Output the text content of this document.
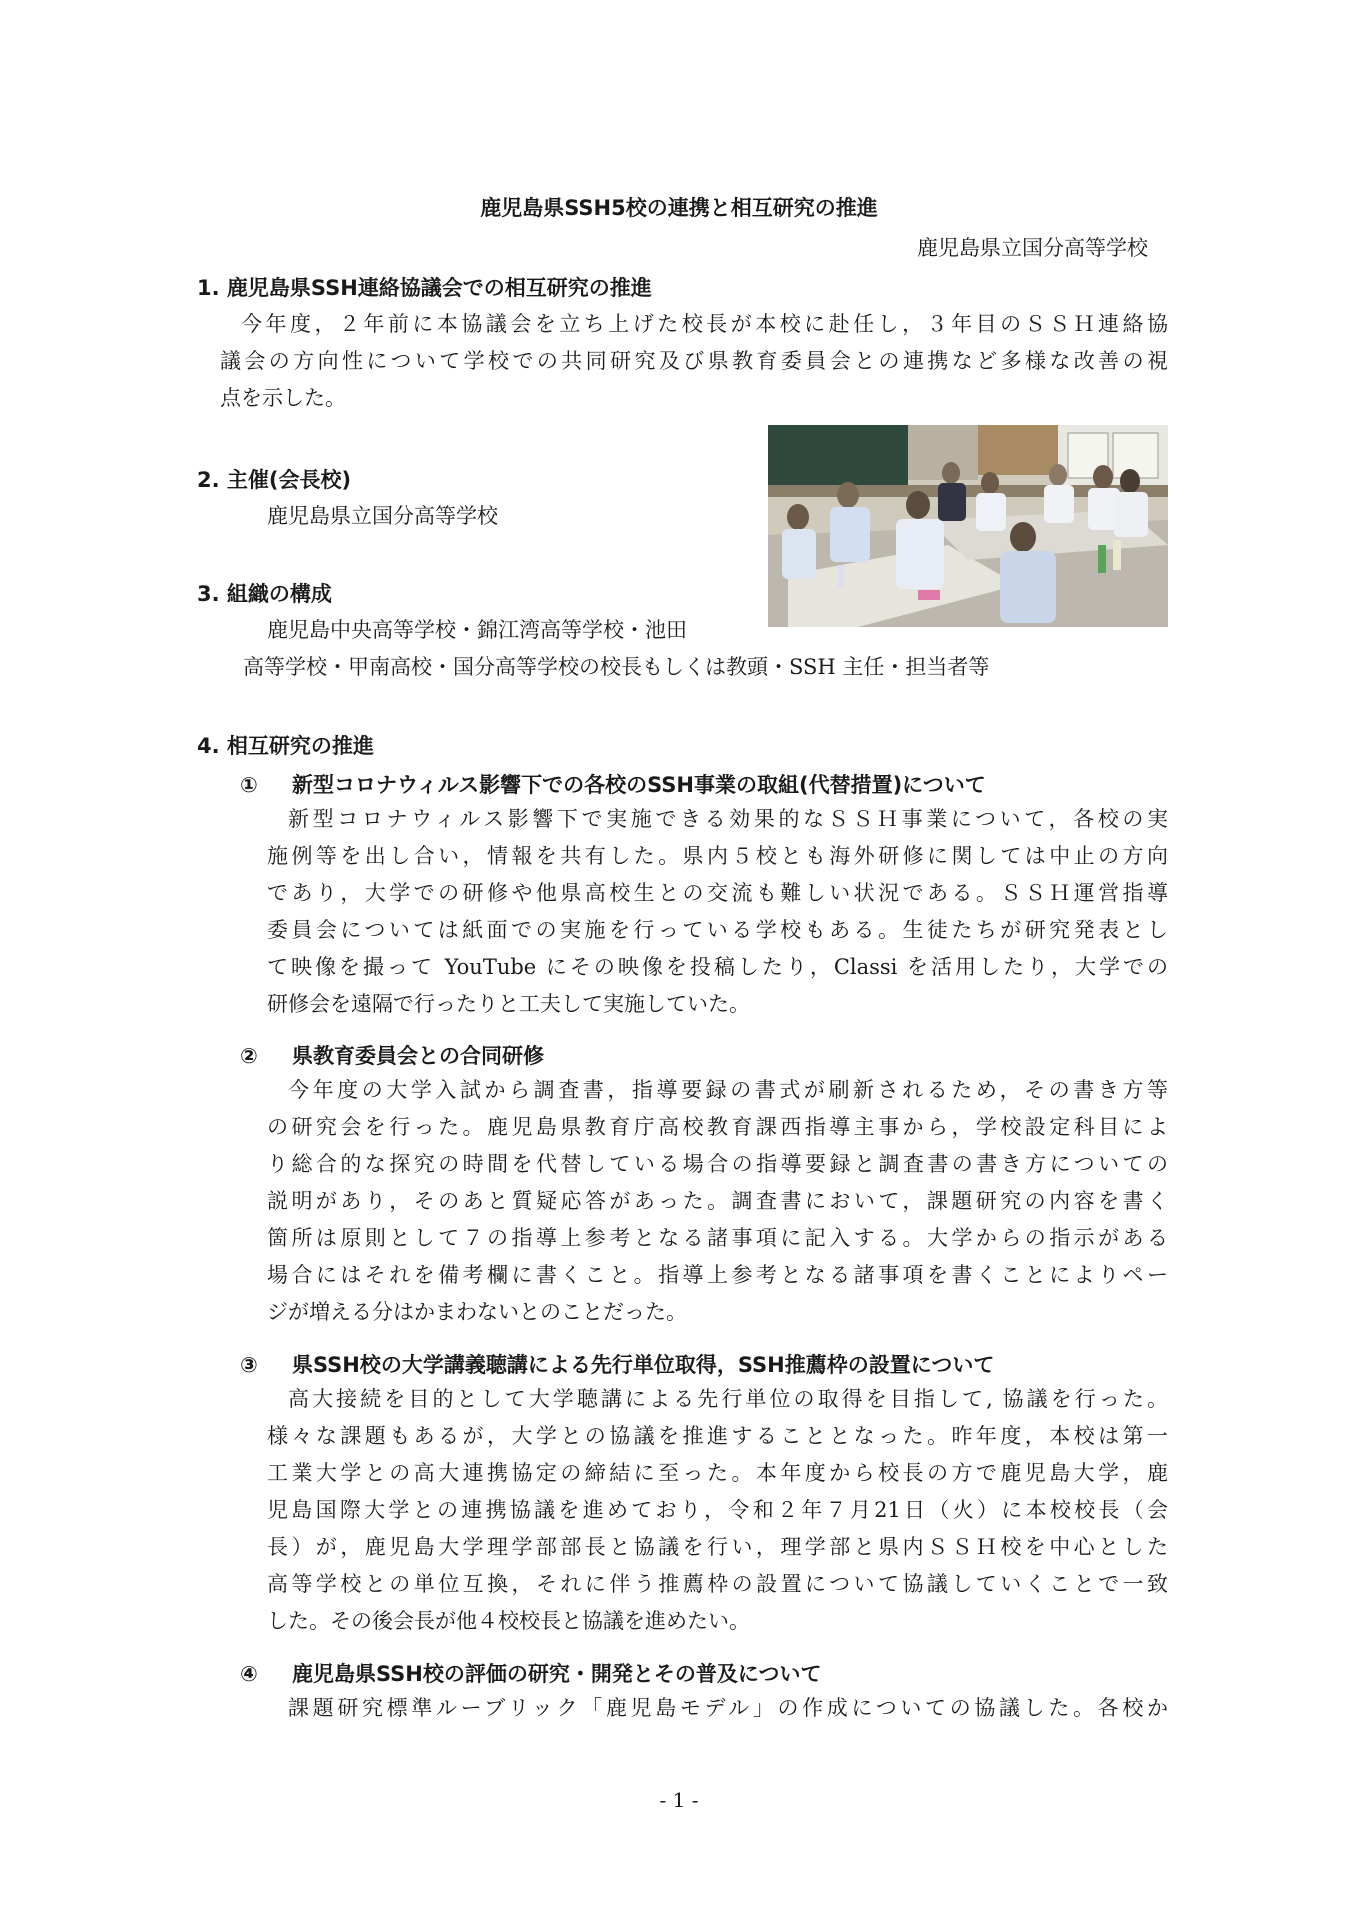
鹿児島県SSH5校の連携と相互研究の推進
鹿児島県立国分高等学校
1. 鹿児島県SSH連絡協議会での相互研究の推進
今年度，２年前に本協議会を立ち上げた校長が本校に赴任し，３年目のＳＳＨ連絡協
議会の方向性について学校での共同研究及び県教育委員会との連携など多様な改善の視
点を示した。
2. 主催(会長校)
鹿児島県立国分高等学校
3. 組織の構成
鹿児島中央高等学校・錦江湾高等学校・池田
高等学校・甲南高校・国分高等学校の校長もしくは教頭・SSH 主任・担当者等
4. 相互研究の推進
① 新型コロナウィルス影響下での各校のSSH事業の取組(代替措置)について
新型コロナウィルス影響下で実施できる効果的なＳＳＨ事業について，各校の実
施例等を出し合い，情報を共有した。県内５校とも海外研修に関しては中止の方向
であり，大学での研修や他県高校生との交流も難しい状況である。ＳＳＨ運営指導
委員会については紙面での実施を行っている学校もある。生徒たちが研究発表とし
て映像を撮って YouTube にその映像を投稿したり，Classi を活用したり，大学での
研修会を遠隔で行ったりと工夫して実施していた。
② 県教育委員会との合同研修
今年度の大学入試から調査書，指導要録の書式が刷新されるため，その書き方等
の研究会を行った。鹿児島県教育庁高校教育課西指導主事から，学校設定科目によ
り総合的な探究の時間を代替している場合の指導要録と調査書の書き方についての
説明があり，そのあと質疑応答があった。調査書において，課題研究の内容を書く
箇所は原則として７の指導上参考となる諸事項に記入する。大学からの指示がある
場合にはそれを備考欄に書くこと。指導上参考となる諸事項を書くことによりペー
ジが増える分はかまわないとのことだった。
③ 県SSH校の大学講義聴講による先行単位取得，SSH推薦枠の設置について
高大接続を目的として大学聴講による先行単位の取得を目指して, 協議を行った。
様々な課題もあるが，大学との協議を推進することとなった。昨年度，本校は第一
工業大学との高大連携協定の締結に至った。本年度から校長の方で鹿児島大学，鹿
児島国際大学との連携協議を進めており，令和２年７月21日（火）に本校校長（会
長）が，鹿児島大学理学部部長と協議を行い，理学部と県内ＳＳＨ校を中心とした
高等学校との単位互換，それに伴う推薦枠の設置について協議していくことで一致
した。その後会長が他４校校長と協議を進めたい。
④ 鹿児島県SSH校の評価の研究・開発とその普及について
課題研究標準ルーブリック「鹿児島モデル」の作成についての協議した。各校か
- 1 -
